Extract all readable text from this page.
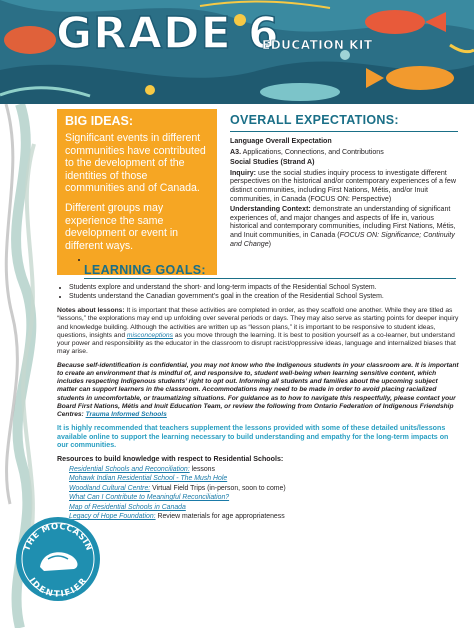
GRADE 6
EDUCATION KIT
BIG IDEAS:

Significant events in different communities have contributed to the development of the identities of those communities and of Canada.

Different groups may experience the same development or event in different ways.

OVERALL EXPECTATIONS:

Language Overall Expectation

A3. Applications, Connections, and Contributions

Social Studies (Strand A)

Inquiry: use the social studies inquiry process to investigate different perspectives on the historical and/or contemporary experiences of a few distinct communities, including First Nations, Métis, and/or Inuit communities, in Canada (FOCUS ON: Perspective)

Understanding Context: demonstrate an understanding of significant experiences of, and major changes and aspects of life in, various historical and contemporary communities, including First Nations, Métis, and Inuit communities, in Canada (FOCUS ON: Significance; Continuity and Change)

LEARNING GOALS:
• Students explore and understand the short- and long-term impacts of the Residential School System.
• Students understand the Canadian government’s goal in the creation of the Residential School System.

Notes about lessons: It is important that these activities are completed in order, as they scaffold one another. While they are titled as “lessons,” the explorations may end up unfolding over several periods or days. They may also serve as starting points for deeper inquiry and knowledge building. Although the activities are written up as “lesson plans,” it is important to be responsive to student ideas, questions, insights and misconceptions as you move through the learning. It is best to position yourself as a co-learner, but understand your power and responsibility as the educator in the classroom to disrupt racist/oppressive ideas, language and internalized biases that may arise.

Because self-identification is confidential, you may not know who the Indigenous students in your classroom are. It is important to create an environment that is mindful of, and responsive to, student well-being when learning sensitive content, which includes respecting Indigenous students’ right to opt out. Informing all students and families about the upcoming subject matter can support learners in the classroom. Accommodations may need to be made in order to avoid placing racialized students in uncomfortable, or traumatizing situations. For guidance as to how to navigate this respectfully, please contact your Board First Nations, Métis and Inuit Education Team, or review the following from Ontario Federation of Indigenous Friendship Centres: Trauma Informed Schools

It is highly recommended that teachers supplement the lessons provided with some of these detailed units/lessons available online to support the learning necessary to build understanding and empathy for the long-term impacts on our communities.

Resources to build knowledge with respect to Residential Schools:
Residential Schools and Reconciliation: lessons
Mohawk Indian Residential School - The Mush Hole
Woodland Cultural Centre: Virtual Field Trips (in-person, soon to come)
What Can I Contribute to Meaningful Reconciliation?
Map of Residential Schools in Canada
Legacy of Hope Foundation: Review materials for age appropriateness
THE MOCCASIN
IDENTIFIER
